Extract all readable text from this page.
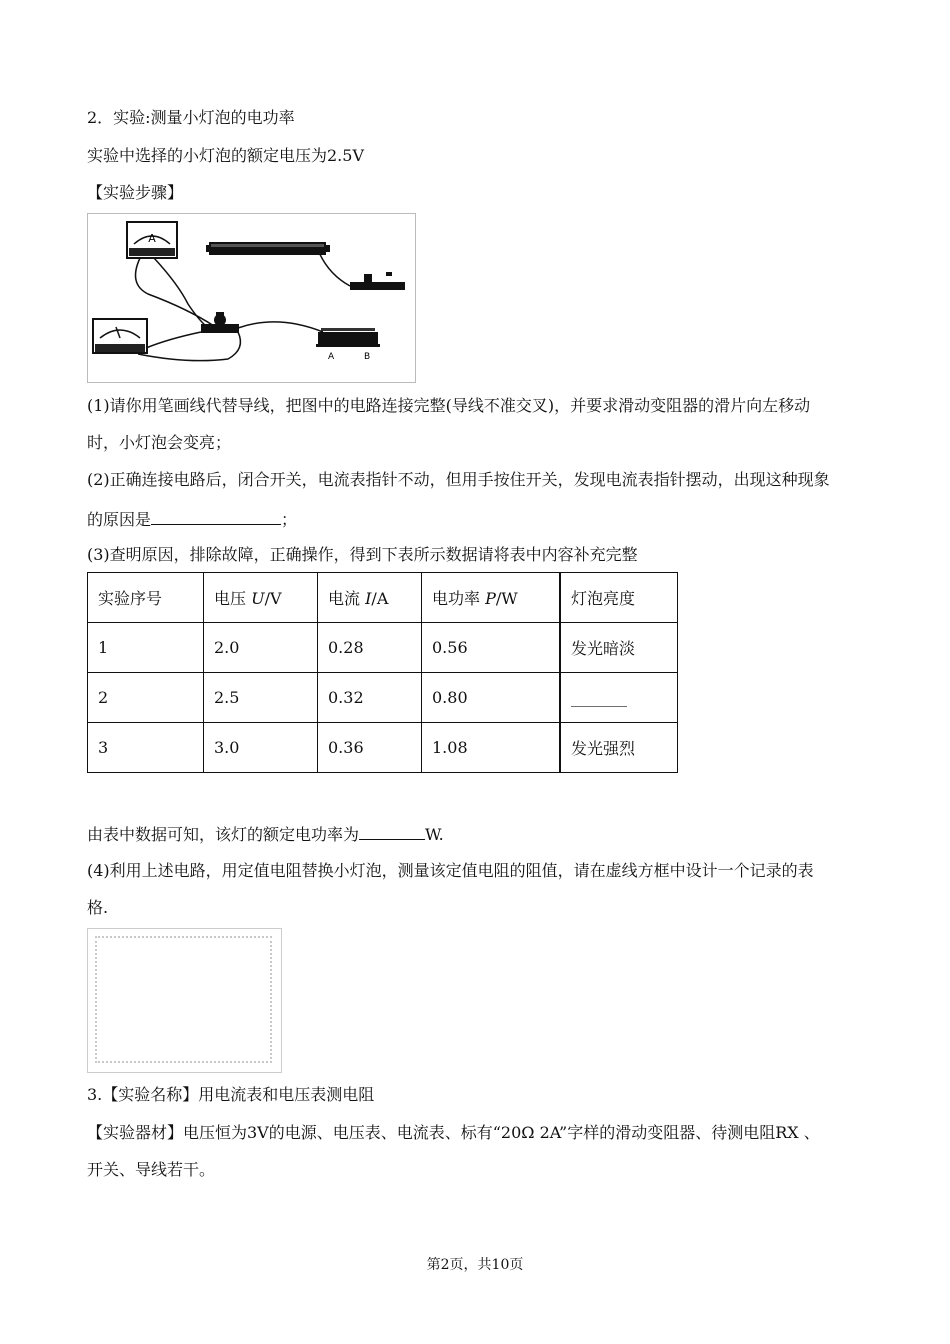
2．实验:测量小灯泡的电功率
实验中选择的小灯泡的额定电压为2.5V
【实验步骤】
A
A	B
(1)请你用笔画线代替导线，把图中的电路连接完整(导线不准交叉)，并要求滑动变阻器的滑片向左移动
时，小灯泡会变亮；
(2)正确连接电路后，闭合开关，电流表指针不动，但用手按住开关，发现电流表指针摆动，出现这种现象
的原因是	；
(3)查明原因，排除故障，正确操作，得到下表所示数据请将表中内容补充完整
实验序号	电压 U/V	电流 I/A	电功率 P/W	灯泡亮度
1	2.0	0.28	0.56	发光暗淡
2	2.5	0.32	0.80	_______
3	3.0	0.36	1.08	发光强烈
由表中数据可知，该灯的额定电功率为	W.
(4)利用上述电路，用定值电阻替换小灯泡，测量该定值电阻的阻值，请在虚线方框中设计一个记录的表
格.
3.【实验名称】用电流表和电压表测电阻
【实验器材】电压恒为3V的电源、电压表、电流表、标有“20Ω 2A”字样的滑动变阻器、待测电阻RX 、
开关、导线若干。
第2页，共10页
